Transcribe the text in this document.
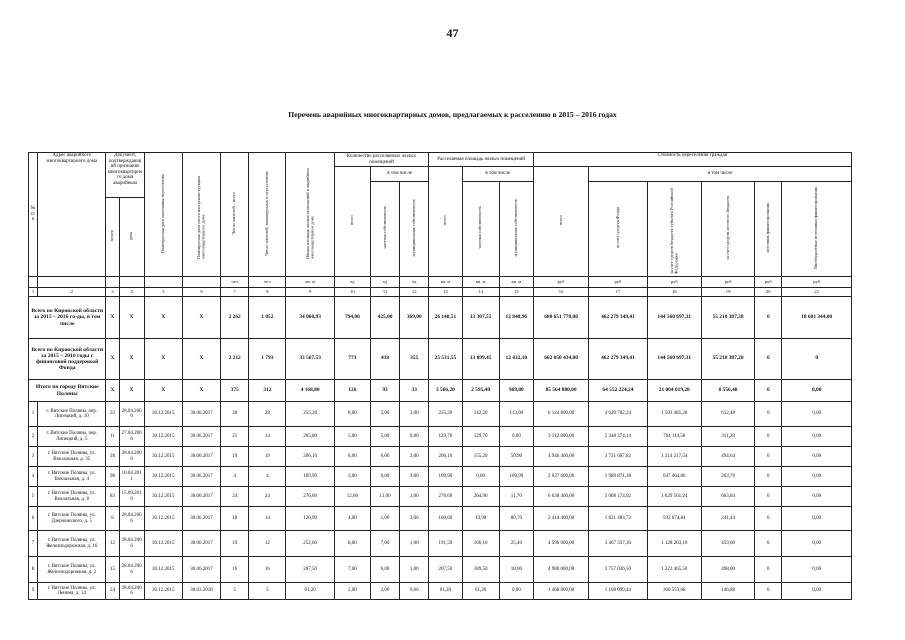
47
Перечень аварийных многоквартирных домов, предлагаемых к расселению в 2015 – 2016 годах
№ п/п	Адрес аварийного многоквартирного дома	Документ, подтверждающий признание многоквартирного дома аварийным		Планируемая дата окончания переселения	Планируемая дата сноса или реконструкции многоквартирного дома	Число жителей – всего	Число жителей, планируемых к переселению	Общая площадь жилых помещений в аварийном многоквартирном доме	Количество расселяемых жилых помещений			Расселяемая площадь жилых помещений			Стоимость переселения граждан					
									всего	в том числе		всего	в том числе		всего	в том числе				
										частная собственность	муниципальная собственность		частная собственность	муниципальная собственность		за счет средств Фонда	за счет средств бюджета субъекта Российской Федерации	за счет средств местного бюджета	источник финансирования	Внебюджетные источники финансирования
		номер	дата																	
						чел	чел	кв. м	ед	ед	ед	кв. м	кв. м	кв. м	руб	руб	руб	руб	руб	руб
1	2	3	4	5	6	7	8	9	10	11	12	13	14	15	16	17	18	19	20	21
Всего по Кировской области за 2015 – 2016 го-ды, в том числе		X	X	X	X	2 262	1 852	34 060,93	794,00	425,00	369,00	26 148,51	13 307,55	12 840,96	680 651 778,00	462 279 349,41	144 560 697,31	55 210 387,28	0	18 601 344,00
Всего по Кировской области за 2015 – 2016 годы с финансовой поддержкой Фонда		X	X	X	X	2 212	1 793	33 567,53	773	418	355	25 531,55	13 099,45	12 432,10	662 050 434,00	462 279 349,41	144 560 697,31	55 210 387,28	0	0
Итого по городу Вятские Поляны		X	X	X	X	375	312	4 168,80	126	93	33	3 566,20	2 595,40	969,80	85 564 800,00	64 552 224,24	21 004 019,28	8 556,48	0	0,00
1	г. Вятские Поляны, пер. Липецкий, д. 10	33	28.04.2006	30.12.2015	30.06.2017	28	28	255,20	8,00	5,00	3,00	255,20	142,20	113,00	6 124 800,00	4 620 702,24	1 503 485,28	612,48	0	0,00
2	г. Вятские Поляны, пер. Липецкий, д. 5	11	27.04.2006	30.12.2015	30.06.2017	21	14	205,80	5,00	5,00	0,00	129,70	129,70	0,00	3 112 800,00	2 348 374,14	764 114,58	311,28	0	0,00
3	г. Вятские Поляны, ул. Вокзальная, д. 35	28	28.04.2006	30.12.2015	30.06.2017	19	19	206,10	8,00	6,00	2,00	206,10	155,20	50,90	4 946 400,00	3 731 687,82	1 214 217,54	494,64	0	0,00
4	г. Вятские Поляны, ул. Вокзальная, д. 4	98	10.04.2011	30.12.2015	30.06.2017	4	4	109,90	3,00	0,00	3,00	109,90	0,00	109,90	2 637 600,00	1 989 871,38	647 464,86	263,76	0	0,00
5	г. Вятские Поляны, ул. Вокзальная, д. 8	83	15.09.2010	30.12.2015	30.06.2017	24	24	276,60	12,00	11,00	1,00	276,60	264,90	11,70	6 638 400,00	5 008 174,92	1 629 561,24	663,84	0	0,00
6	г. Вятские Поляны, ул. Дзержинского, д. 5	8	28.04.2006	30.12.2015	30.06.2017	18	14	126,90	4,00	1,00	3,00	100,60	19,90	80,70	2 414 400,00	1 821 483,72	592 674,84	241,44	0	0,00
7	г. Вятские Поляны, ул. Железнодорожная, д. 16	12	28.04.2006	30.12.2015	30.06.2017	19	12	252,60	8,00	7,00	1,00	191,50	166,10	25,40	4 596 000,00	3 467 337,30	1 128 203,10	459,60	0	0,00
8	г. Вятские Поляны, ул. Железнодорожная, д. 2	15	28.04.2006	30.12.2015	30.06.2017	16	16	207,50	7,00	6,00	1,00	207,50	189,50	18,00	4 980 000,00	3 757 036,50	1 222 465,50	498,00	0	0,00
9	г. Вятские Поляны, ул. Ленина, д. 14	24	28.04.2006	30.12.2015	30.03.2018	5	5	61,20	2,00	2,00	0,00	61,20	61,20	0,00	1 468 800,00	1 108 099,44	360 553,68	146,88	0	0,00
